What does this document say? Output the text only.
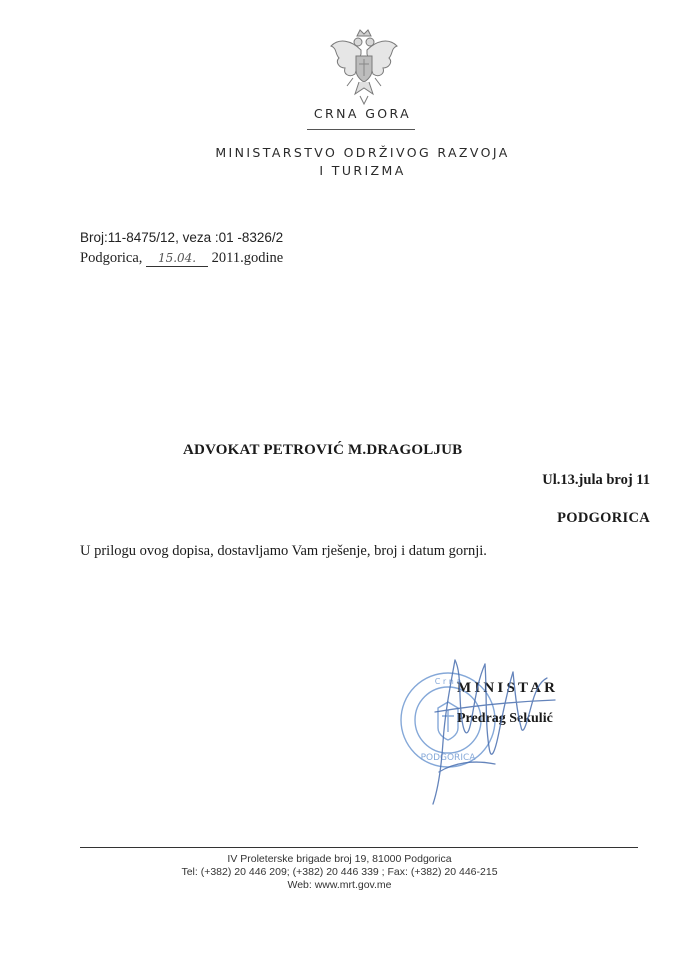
CRNA GORA
MINISTARSTVO ODRŽIVOG RAZVOJA
I TURIZMA
Broj:11-8475/12, veza :01 -8326/2
Podgorica, 15.04. 2011.godine
ADVOKAT PETROVIĆ M.DRAGOLJUB
Ul.13.jula broj 11
PODGORICA
U prilogu ovog dopisa, dostavljamo Vam rješenje, broj i datum gornji.
PODGORICA
C r n a
MINISTAR
Predrag Sekulić
IV Proleterske brigade broj 19, 81000 Podgorica
Tel: (+382) 20 446 209; (+382) 20 446 339 ; Fax: (+382) 20 446-215
Web: www.mrt.gov.me
